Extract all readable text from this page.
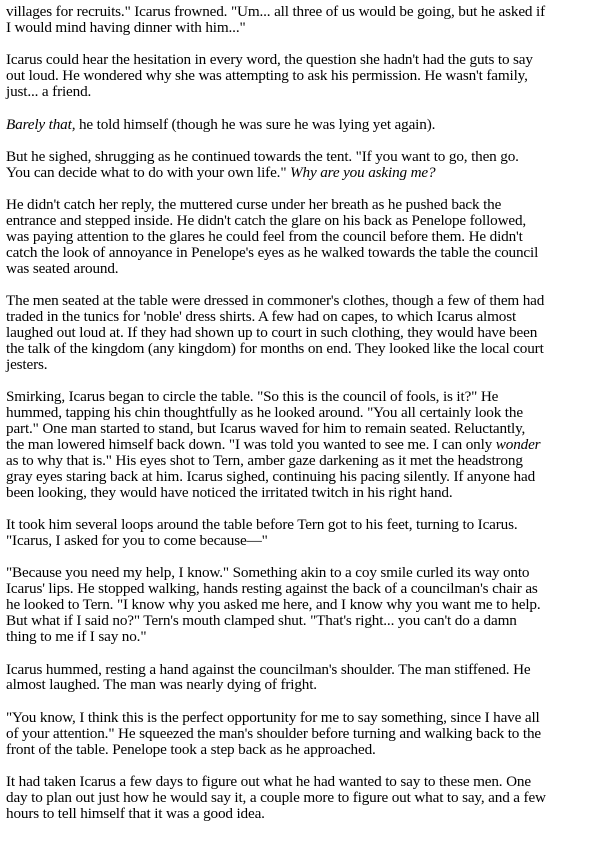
villages for recruits." Icarus frowned. "Um... all three of us would be going, but he asked if I would mind having dinner with him..."

Icarus could hear the hesitation in every word, the question she hadn't had the guts to say out loud. He wondered why she was attempting to ask his permission. He wasn't family, just... a friend.

Barely that, he told himself (though he was sure he was lying yet again).

But he sighed, shrugging as he continued towards the tent. "If you want to go, then go. You can decide what to do with your own life." Why are you asking me?

He didn't catch her reply, the muttered curse under her breath as he pushed back the entrance and stepped inside. He didn't catch the glare on his back as Penelope followed, was paying attention to the glares he could feel from the council before them. He didn't catch the look of annoyance in Penelope's eyes as he walked towards the table the council was seated around.

The men seated at the table were dressed in commoner's clothes, though a few of them had traded in the tunics for 'noble' dress shirts. A few had on capes, to which Icarus almost laughed out loud at. If they had shown up to court in such clothing, they would have been the talk of the kingdom (any kingdom) for months on end. They looked like the local court jesters.

Smirking, Icarus began to circle the table. "So this is the council of fools, is it?" He hummed, tapping his chin thoughtfully as he looked around. "You all certainly look the part." One man started to stand, but Icarus waved for him to remain seated. Reluctantly, the man lowered himself back down. "I was told you wanted to see me. I can only wonder as to why that is." His eyes shot to Tern, amber gaze darkening as it met the headstrong gray eyes staring back at him. Icarus sighed, continuing his pacing silently. If anyone had been looking, they would have noticed the irritated twitch in his right hand.

It took him several loops around the table before Tern got to his feet, turning to Icarus. "Icarus, I asked for you to come because—"

"Because you need my help, I know." Something akin to a coy smile curled its way onto Icarus' lips. He stopped walking, hands resting against the back of a councilman's chair as he looked to Tern. "I know why you asked me here, and I know why you want me to help. But what if I said no?" Tern's mouth clamped shut. "That's right... you can't do a damn thing to me if I say no."

Icarus hummed, resting a hand against the councilman's shoulder. The man stiffened. He almost laughed. The man was nearly dying of fright.

"You know, I think this is the perfect opportunity for me to say something, since I have all of your attention." He squeezed the man's shoulder before turning and walking back to the front of the table. Penelope took a step back as he approached.

It had taken Icarus a few days to figure out what he had wanted to say to these men. One day to plan out just how he would say it, a couple more to figure out what to say, and a few hours to tell himself that it was a good idea.
